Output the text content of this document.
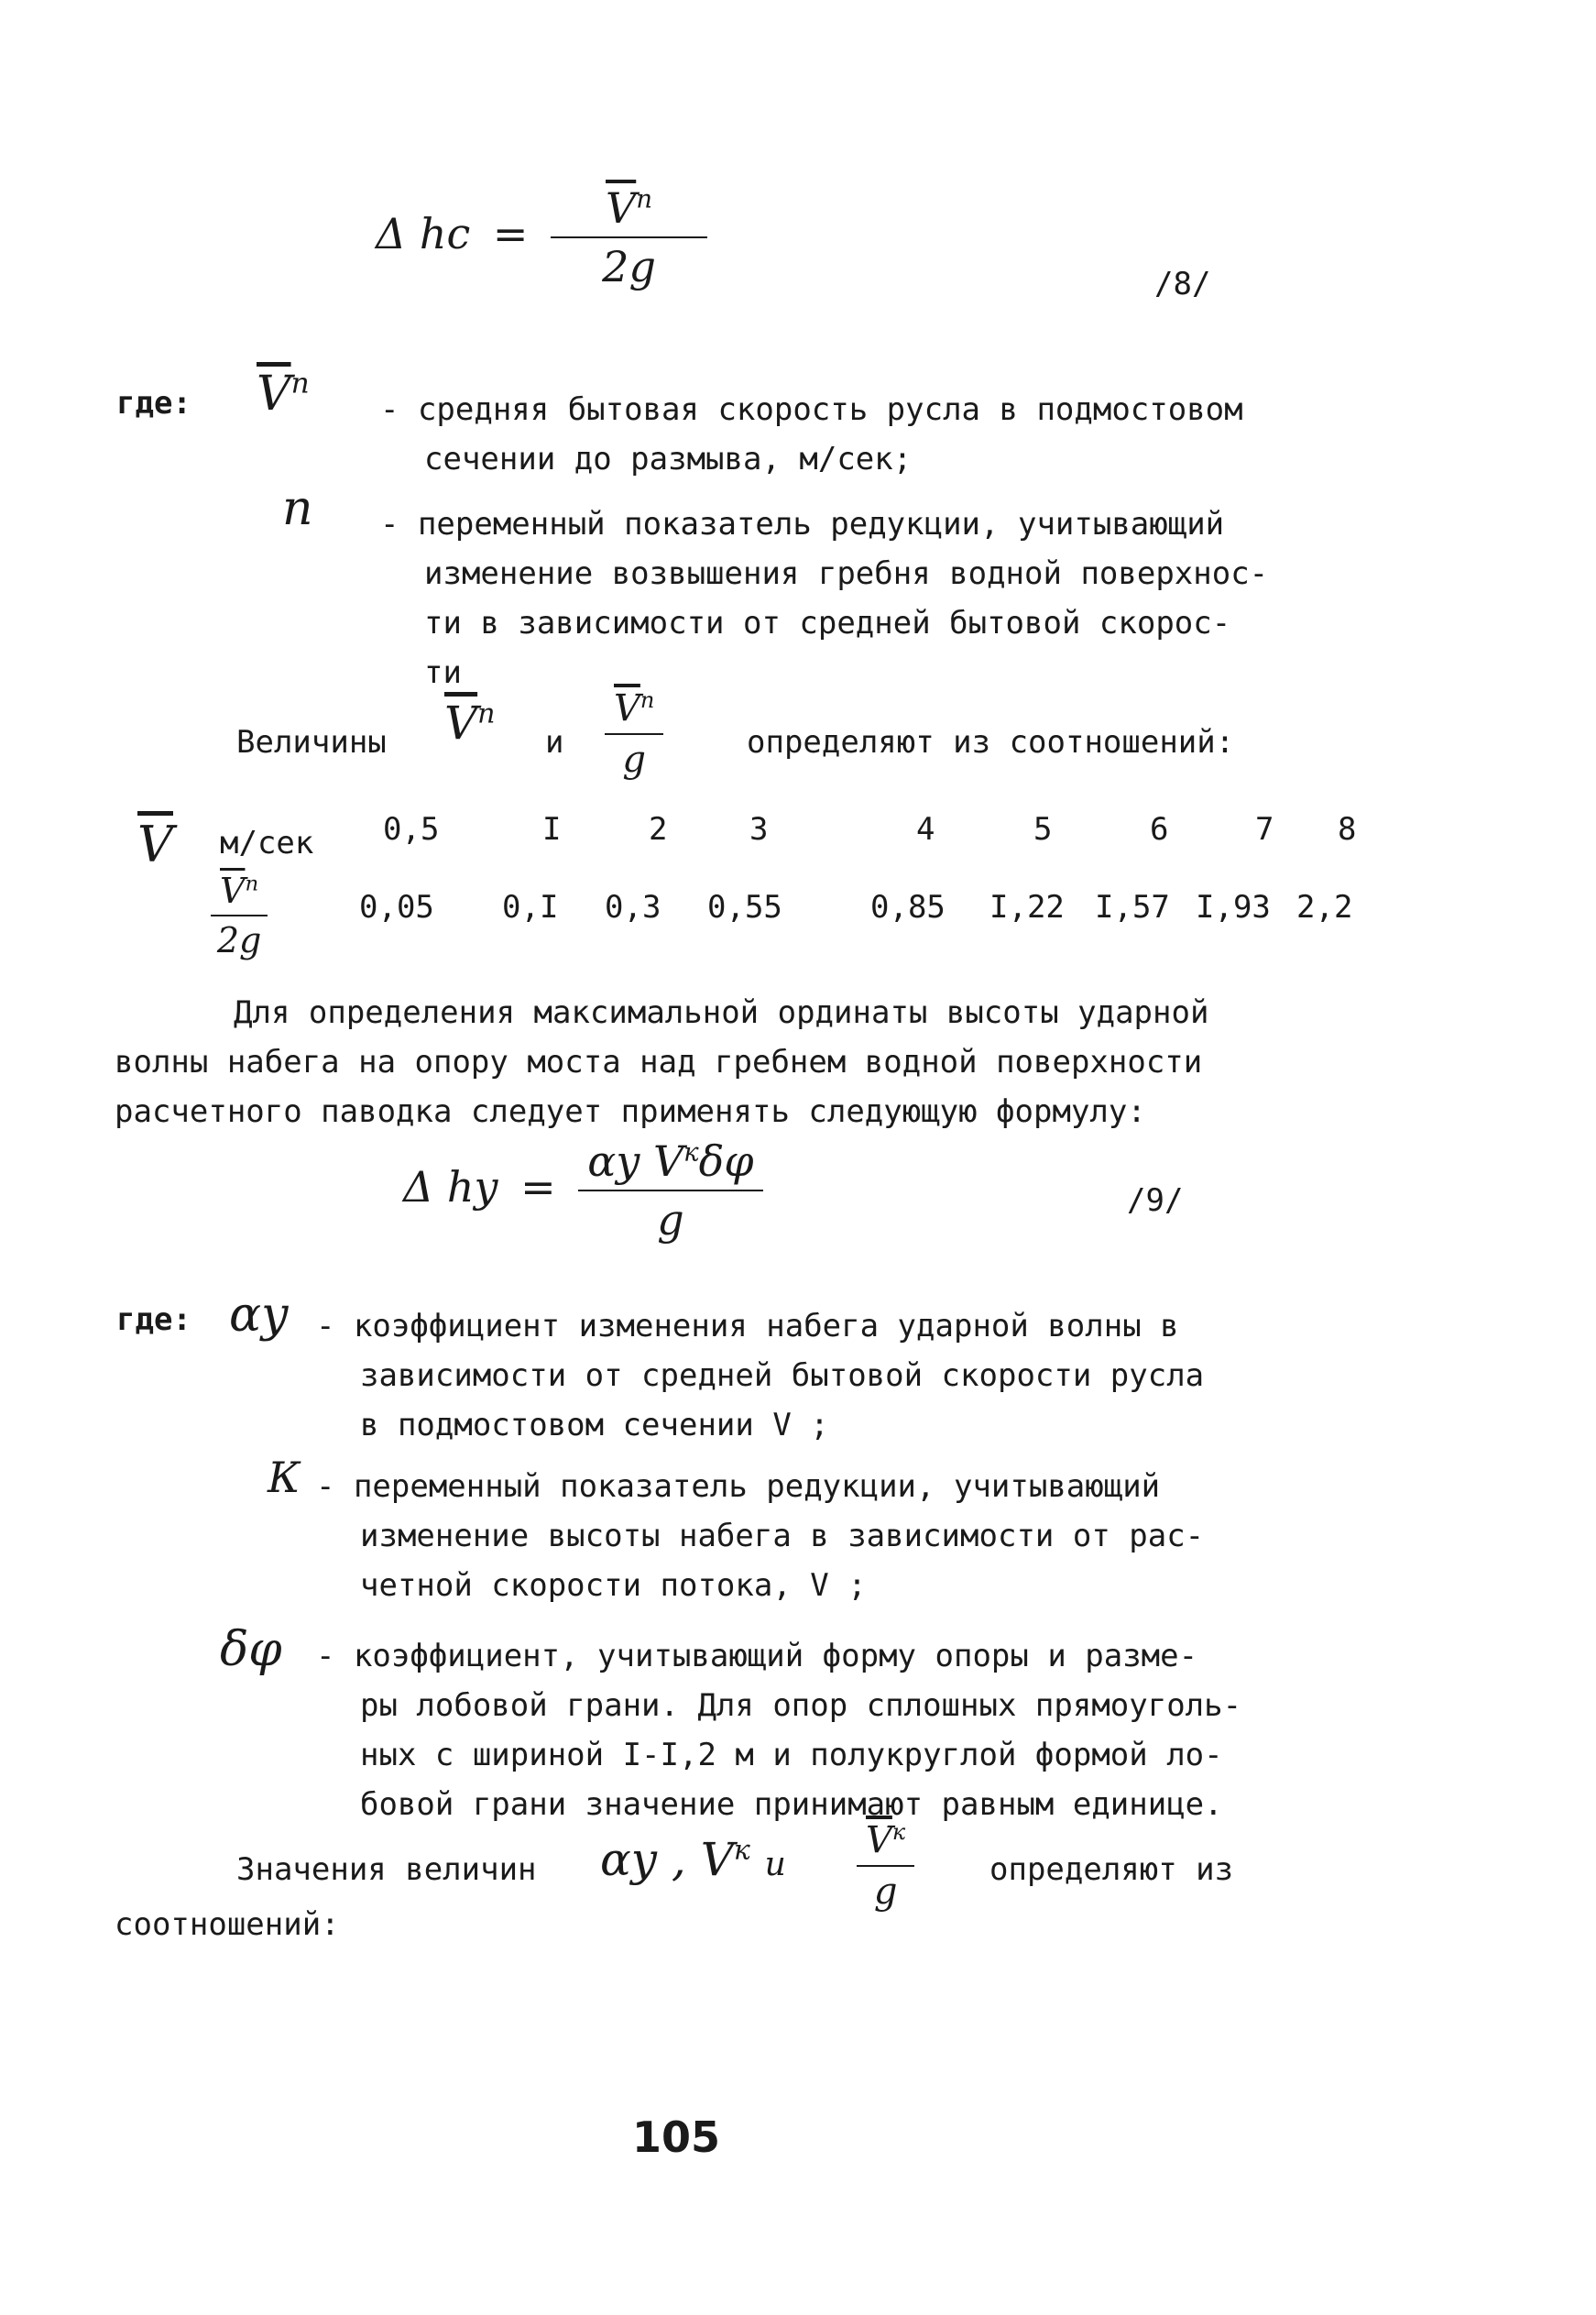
Δ hc = $\frac{\overline{V}^n}{2g}$	/8/
где: $\overline{V}^n$
- средняя бытовая скорость русла в подмостовом
сечении до размыва, м/сек;
n - переменный показатель редукции, учитывающий
изменение возвышения гребня водной поверхнос-
ти в зависимости от средней бытовой скорос-
ти
Величины $\overline{V}^n$
и $\frac{\overline{V}^n}{g}$	определяют из соотношений:
$\overline{V}$ м/сек 0,5	I	2	3	4	5	6	7 8
$\frac{\overline{V}^n}{2g}$	0,05 0,I 0,3 0,55	0,85 I,22 I,57 I,93 2,2
Для определения максимальной ординаты высоты ударной
волны набега на опору моста над гребнем водной поверхности
расчетного паводка следует применять следующую формулу:
Δ hy = $\frac{\alpha y V^к\delta\varphi}{g}$	/9/
где: αy - коэффициент изменения набега ударной волны в
зависимости от средней бытовой скорости русла
в подмостовом сечении V ;
К - переменный показатель редукции, учитывающий
изменение высоты набега в зависимости от рас-
четной скорости потока, V ;
δφ - коэффициент, учитывающий форму опоры и разме-
ры лобовой грани. Для опор сплошных прямоуголь-
ных с шириной I-I,2 м и полукруглой формой ло-
бовой грани значение принимают равным единице.
Значения величин αy , $V^к$ и $\frac{\overline{V}^к}{g}$ определяют из
соотношений:
105
